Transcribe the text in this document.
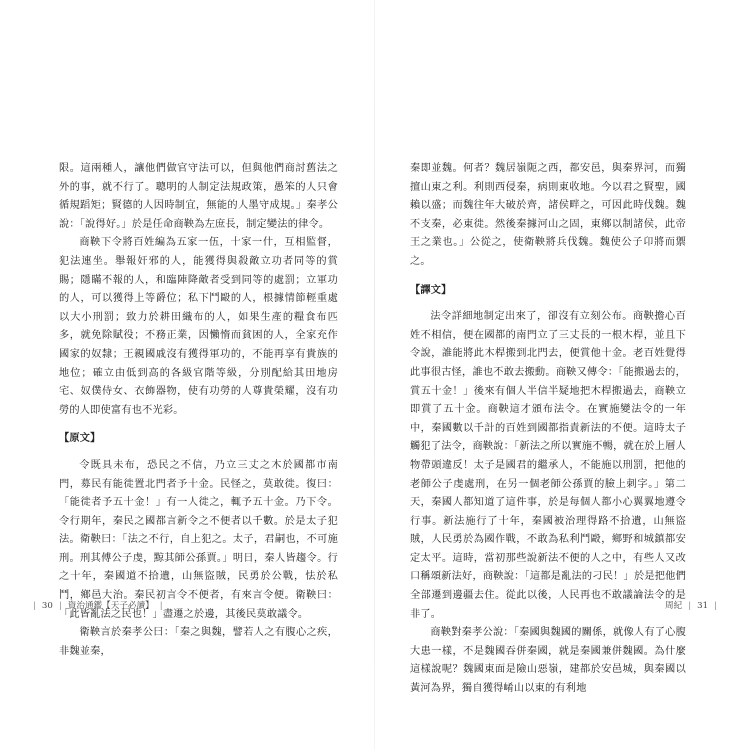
限。這兩種人，讓他們做官守法可以，但與他們商討舊法之外的事，就不行了。聰明的人制定法規政策，愚笨的人只會循規蹈矩；賢德的人因時制宜，無能的人墨守成規。」秦孝公說：「說得好。」於是任命商鞅為左庶長，制定變法的律令。

商鞅下令將百姓編為五家一伍，十家一什，互相監督，犯法連坐。舉報奸邪的人，能獲得與殺敵立功者同等的賞賜；隱瞞不報的人，和臨陣降敵者受到同等的處罰；立軍功的人，可以獲得上等爵位；私下鬥毆的人，根據情節輕重處以大小刑罰；致力於耕田織布的人，如果生產的糧食布匹多，就免除賦役；不務正業，因懶惰而貧困的人，全家充作國家的奴隸；王親國戚沒有獲得軍功的，不能再享有貴族的地位；確立由低到高的各級官階等級，分別配給其田地房宅、奴僕侍女、衣飾器物，使有功勞的人尊貴榮耀，沒有功勞的人即使富有也不光彩。

【原文】

令既具未布，恐民之不信，乃立三丈之木於國都市南門，募民有能徙置北門者予十金。民怪之，莫敢徙。復曰：「能徙者予五十金！」有一人徙之，輒予五十金。乃下令。令行期年，秦民之國都言新令之不便者以千數。於是太子犯法。衛鞅曰：「法之不行，自上犯之。太子，君嗣也，不可施刑。刑其傅公子虔，黥其師公孫賈。」明日，秦人皆趨令。行之十年，秦國道不拾遺，山無盜賊，民勇於公戰，怯於私鬥，鄉邑大治。秦民初言令不便者，有來言令便。衛鞅曰：「此皆亂法之民也！」盡遷之於邊，其後民莫敢議令。

衛鞅言於秦孝公曰：「秦之與魏，譬若人之有腹心之疾，非魏並秦，

| 30 | 資治通鑑【天子必讀】 |

秦即並魏。何者？魏居嶺阨之西，都安邑，與秦界河，而獨擅山東之利。利則西侵秦，病則東收地。今以君之賢聖，國賴以盛；而魏往年大破於齊，諸侯畔之，可因此時伐魏。魏不支秦，必東徙。然後秦據河山之固，東鄉以制諸侯，此帝王之業也。」公從之，使衛鞅將兵伐魏。魏使公子卬將而禦之。

【譯文】

法令詳細地制定出來了，卻沒有立刻公布。商鞅擔心百姓不相信，便在國都的南門立了三丈長的一根木桿，並且下令說，誰能將此木桿搬到北門去，便賞他十金。老百姓覺得此事很古怪，誰也不敢去搬動。商鞅又傳令：「能搬過去的，賞五十金！」後來有個人半信半疑地把木桿搬過去，商鞅立即賞了五十金。商鞅這才頒布法令。在實施變法令的一年中，秦國數以千計的百姓到國都指責新法的不便。這時太子觸犯了法令，商鞅說：「新法之所以實施不暢，就在於上層人物帶頭違反！太子是國君的繼承人，不能施以刑罰，把他的老師公子虔處刑，在另一個老師公孫賈的臉上刺字。」第二天，秦國人都知道了這件事，於是每個人都小心翼翼地遵令行事。新法施行了十年，秦國被治理得路不拾遺，山無盜賊，人民勇於為國作戰，不敢為私利鬥毆，鄉野和城鎮都安定太平。這時，當初那些說新法不便的人之中，有些人又改口稱頌新法好，商鞅說：「這都是亂法的刁民！」於是把他們全部遷到邊疆去住。從此以後，人民再也不敢議論法令的是非了。

商鞅對秦孝公說：「秦國與魏國的關係，就像人有了心腹大患一樣，不是魏國吞併秦國，就是秦國兼併魏國。為什麼這樣說呢？魏國東面是險山惡嶺，建都於安邑城，與秦國以黃河為界，獨自獲得崤山以東的有利地

周紀 | 31 |
